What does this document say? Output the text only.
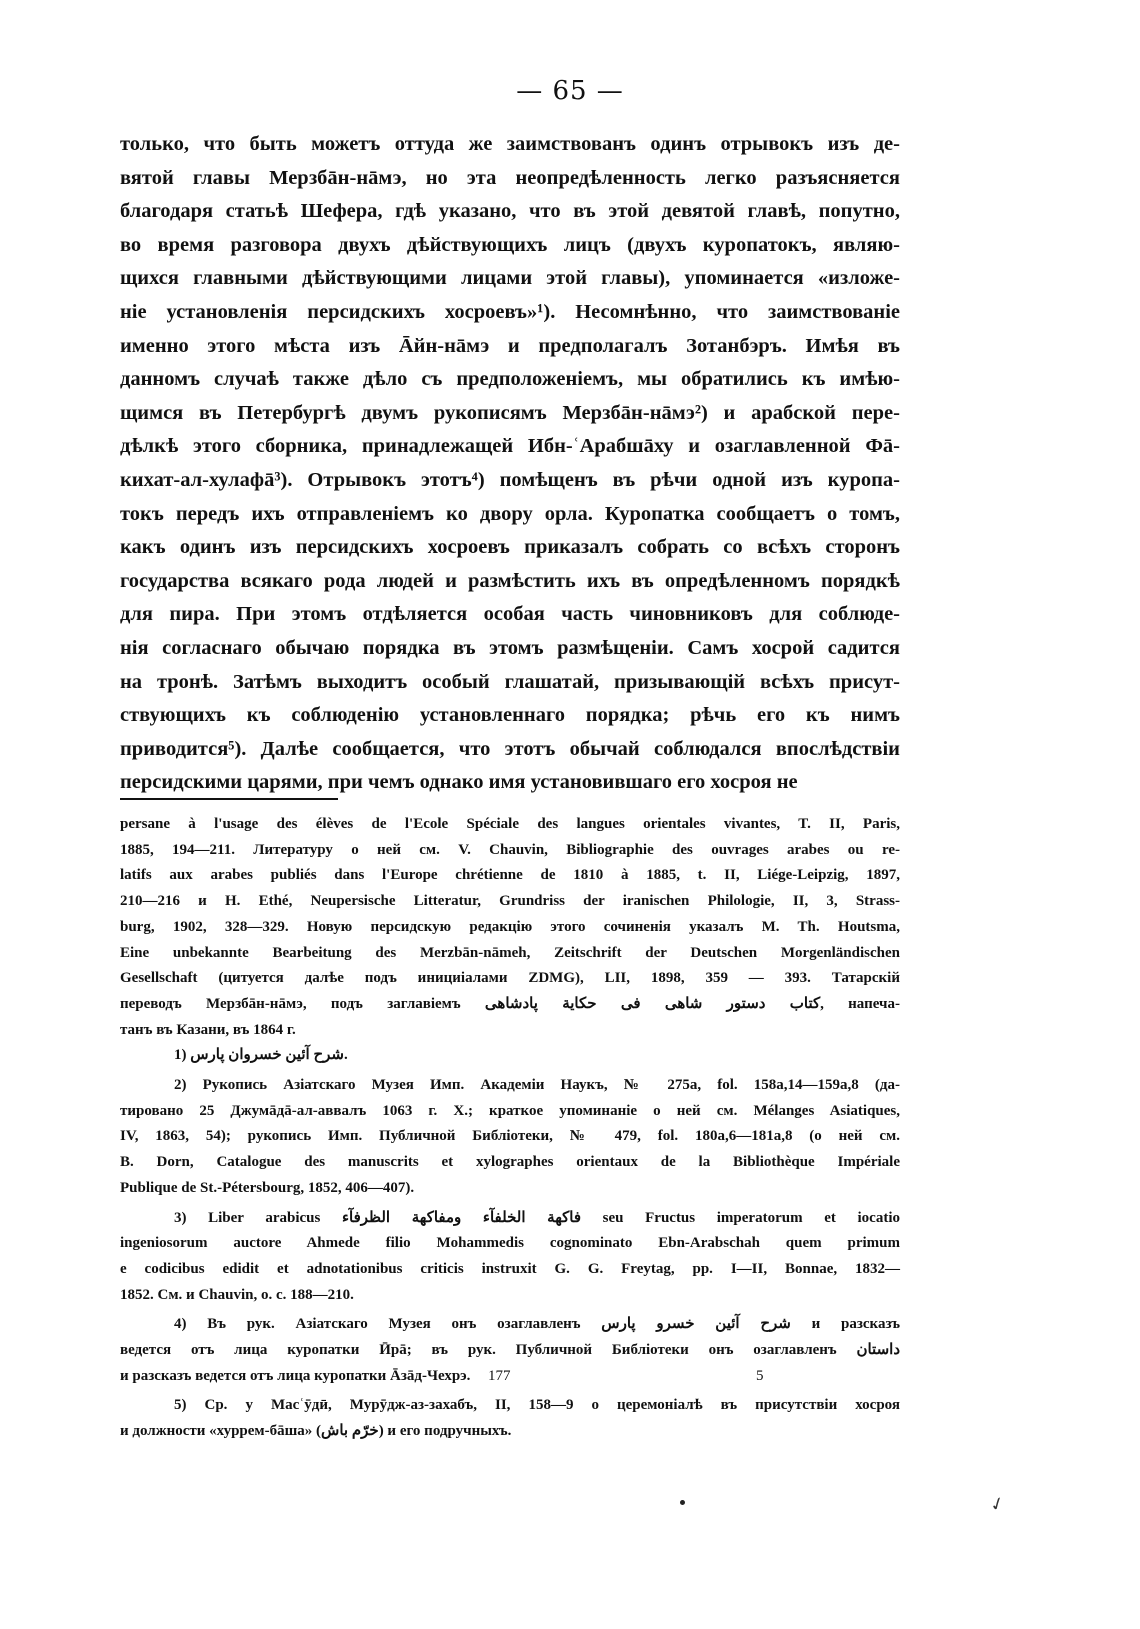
— 65 —
только, что быть можетъ оттуда же заимствованъ одинъ отрывокъ изъ де-
вятой главы Мерзбāн-нāмэ, но эта неопредѣленность легко разъясняется
благодаря статьѣ Шефера, гдѣ указано, что въ этой девятой главѣ, попутно,
во время разговора двухъ дѣйствующихъ лицъ (двухъ куропатокъ, являю-
щихся главными дѣйствующими лицами этой главы), упоминается «изложе-
нiе установленiя персидскихъ хосроевъ»¹). Несомнѣнно, что заимствованiе
именно этого мѣста изъ Āйн-нāмэ и предполагалъ Зотанбэръ. Имѣя въ
данномъ случаѣ также дѣло съ предположенiемъ, мы обратились къ имѣю-
щимся въ Петербургѣ двумъ рукописямъ Мерзбāн-нāмэ²) и арабской пере-
дѣлкѣ этого сборника, принадлежащей Ибн-ʿАрабшāху и озаглавленной Фā-
кихат-ал-хулафā³). Отрывокъ этотъ⁴) помѣщенъ въ рѣчи одной изъ куропа-
токъ передъ ихъ отправленiемъ ко двору орла. Куропатка сообщаетъ о томъ,
какъ одинъ изъ персидскихъ хосроевъ приказалъ собрать со всѣхъ сторонъ
государства всякаго рода людей и размѣстить ихъ въ опредѣленномъ порядкѣ
для пира. При этомъ отдѣляется особая часть чиновниковъ для соблюде-
нiя согласнаго обычаю порядка въ этомъ размѣщенiи. Самъ хосрой садится
на тронѣ. Затѣмъ выходитъ особый глашатай, призывающiй всѣхъ присут-
ствующихъ къ соблюденiю установленнаго порядка; рѣчь его къ нимъ
приводится⁵). Далѣе сообщается, что этотъ обычай соблюдался впослѣдствiи
персидскими царями, при чемъ однако имя установившаго его хосроя не
persane à l'usage des élèves de l'Ecole Spéciale des langues orientales vivantes, T. II, Paris,
1885, 194—211. Литературу о ней см. V. Chauvin, Bibliographie des ouvrages arabes ou re-
latifs aux arabes publiés dans l'Europe chrétienne de 1810 à 1885, t. II, Liége-Leipzig, 1897,
210—216 и H. Ethé, Neupersische Litteratur, Grundriss der iranischen Philologie, II, 3, Strass-
burg, 1902, 328—329. Новую персидскую редакцiю этого сочиненiя указалъ M. Th. Houtsma,
Eine unbekannte Bearbeitung des Merzbān-nāmeh, Zeitschrift der Deutschen Morgenländischen
Gesellschaft (цитуется далѣе подъ инициiалами ZDMG), LII, 1898, 359 — 393. Татарскiй
переводъ Мерзбāн-нāмэ, подъ заглавiемъ ‫كتاب دستور شاهى فى حكاية پادشاهى‬, напеча-
танъ въ Казани, въ 1864 г.
1) ‫شرح آئين خسروان پارس‬.
2) Рукопись Азiатскаго Музея Имп. Академiи Наукъ, № 275a, fol. 158a,14—159a,8 (да-
тировано 25 Джумāдā-ал-аввалъ 1063 г. Х.; краткое упоминанiе о ней см. Mélanges Asiatiques,
IV, 1863, 54); рукопись Имп. Публичной Библiотеки, № 479, fol. 180a,6—181a,8 (о ней см.
B. Dorn, Catalogue des manuscrits et xylographes orientaux de la Bibliothèque Impériale
Publique de St.-Pétersbourg, 1852, 406—407).
3) Liber arabicus ‫فاكهة الخلفآء ومفاكهة الظرفآء‬ seu Fructus imperatorum et iocatio
ingeniosorum auctore Ahmede filio Mohammedis cognominato Ebn-Arabschah quem primum
e codicibus edidit et adnotationibus criticis instruxit G. G. Freytag, pp. I—II, Bonnae, 1832—
1852. См. и Chauvin, o. c. 188—210.
4) Въ рук. Азiатскаго Музея онъ озаглавленъ ‫شرح آئين خسرو پارس‬ и разсказъ
ведется отъ лица куропатки Ӣрā; въ рук. Публичной Библiотеки онъ озаглавленъ ‫داستان‬
и разсказъ ведется отъ лица куропатки Āзāд-Чехрэ.
5) Ср. у Масʿӯдӣ, Мурӯдж-аз-захабъ, II, 158—9 о церемонiалѣ въ присутствiи хосроя
и должности «хуррем-бāша» (‫خرّم باش‬) и его подручныхъ.
177	5
✓
